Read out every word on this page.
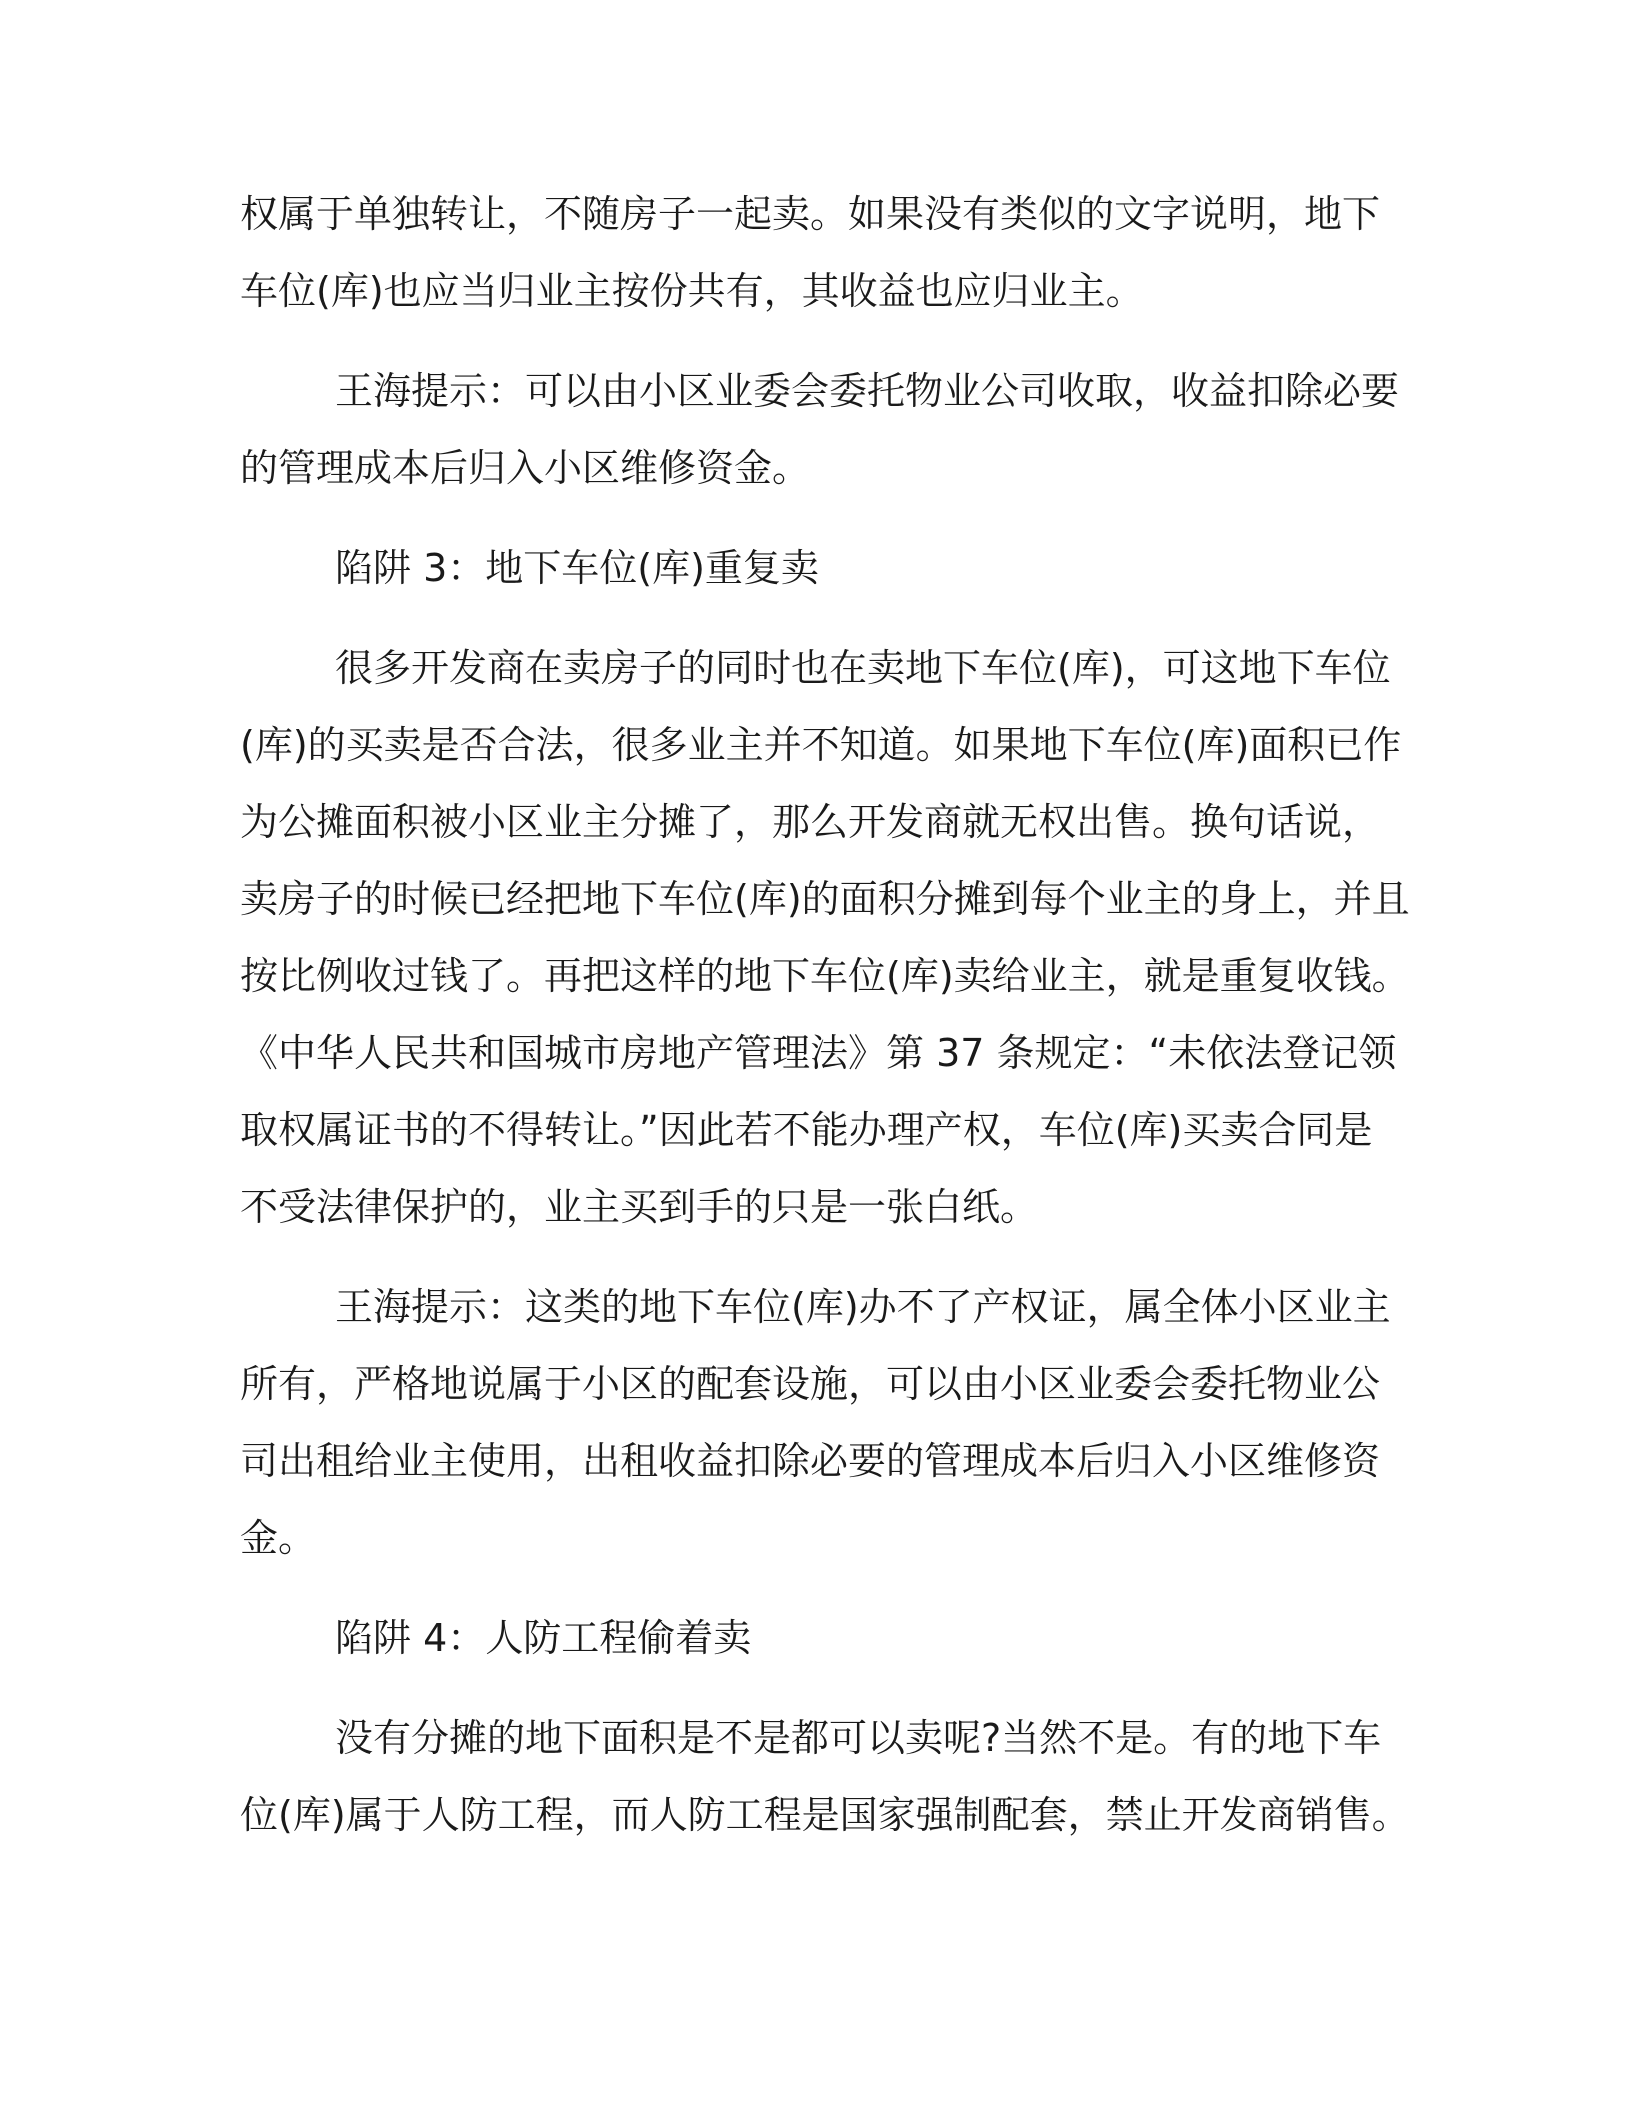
权属于单独转让，不随房子一起卖。如果没有类似的文字说明，地下
车位(库)也应当归业主按份共有，其收益也应归业主。

王海提示：可以由小区业委会委托物业公司收取，收益扣除必要
的管理成本后归入小区维修资金。

陷阱 3：地下车位(库)重复卖

很多开发商在卖房子的同时也在卖地下车位(库)，可这地下车位
(库)的买卖是否合法，很多业主并不知道。如果地下车位(库)面积已作
为公摊面积被小区业主分摊了，那么开发商就无权出售。换句话说，
卖房子的时候已经把地下车位(库)的面积分摊到每个业主的身上，并且
按比例收过钱了。再把这样的地下车位(库)卖给业主，就是重复收钱。
《中华人民共和国城市房地产管理法》第 37 条规定：“未依法登记领
取权属证书的不得转让。”因此若不能办理产权，车位(库)买卖合同是
不受法律保护的，业主买到手的只是一张白纸。

王海提示：这类的地下车位(库)办不了产权证，属全体小区业主
所有，严格地说属于小区的配套设施，可以由小区业委会委托物业公
司出租给业主使用，出租收益扣除必要的管理成本后归入小区维修资
金。

陷阱 4：人防工程偷着卖

没有分摊的地下面积是不是都可以卖呢?当然不是。有的地下车
位(库)属于人防工程，而人防工程是国家强制配套，禁止开发商销售。
